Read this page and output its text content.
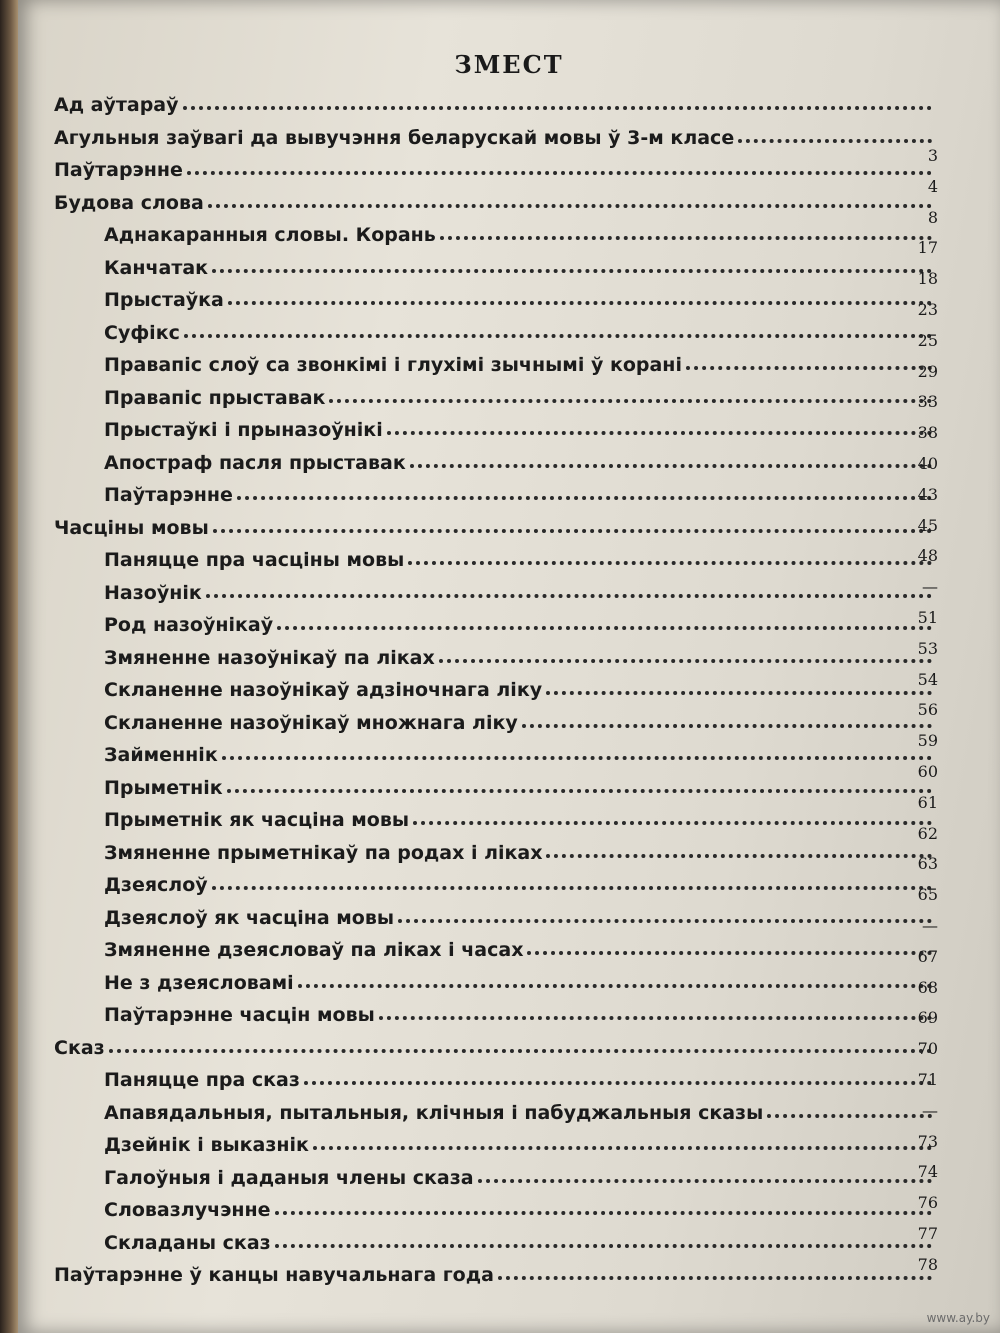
ЗМЕСТ
Ад аўтараў
Агульныя заўвагі да вывучэння беларускай мовы ў 3-м класе
Паўтарэнне
Будова слова
Аднакаранныя словы. Корань
Канчатак
Прыстаўка
Суфікс
Правапіс слоў са звонкімі і глухімі зычнымі ў корані
Правапіс прыставак
Прыстаўкі і прыназоўнікі
Апостраф пасля прыставак
Паўтарэнне
Часціны мовы
Паняцце пра часціны мовы
Назоўнік
Род назоўнікаў
Змяненне назоўнікаў па ліках
Скланенне назоўнікаў адзіночнага ліку
Скланенне назоўнікаў множнага ліку
Займеннік
Прыметнік
Прыметнік як часціна мовы
Змяненне прыметнікаў па родах і ліках
Дзеяслоў
Дзеяслоў як часціна мовы
Змяненне дзеясловаў па ліках і часах
Не з дзеясловамі
Паўтарэнне часцін мовы
Сказ
Паняцце пра сказ
Апавядальныя, пытальныя, клічныя і пабуджальныя сказы
Дзейнік і выказнік
Галоўныя і даданыя члены сказа
Словазлучэнне
Складаны сказ
Паўтарэнне ў канцы навучальнага года
3
4
8
17
18
23
25
29
33
38
40
43
45
48
—
51
53
54
56
59
60
61
62
63
65
—
67
68
69
70
71
—
73
74
76
77
78
www.ay.by
